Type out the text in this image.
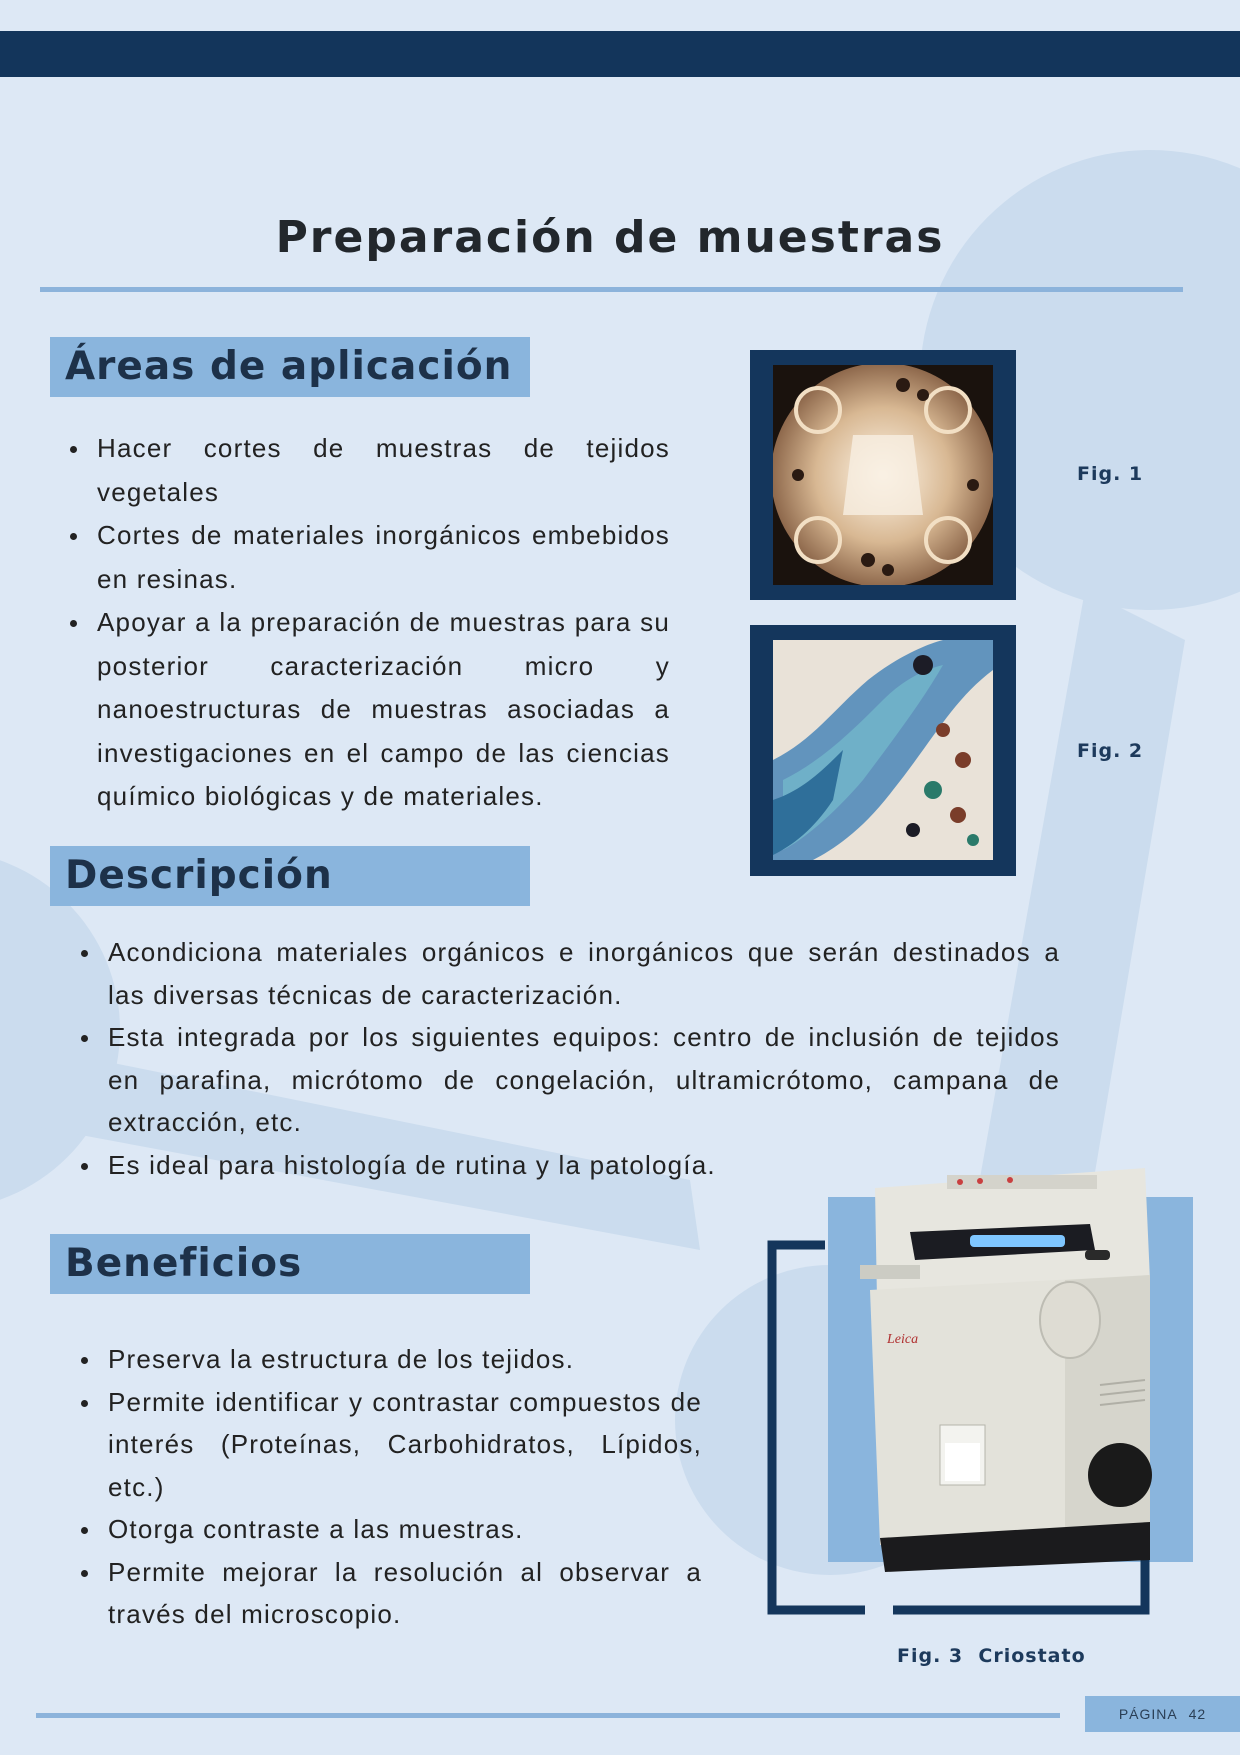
Preparación de muestras
Áreas de aplicación
Hacer cortes de muestras de tejidos vegetales
Cortes de materiales inorgánicos embebidos en resinas.
Apoyar a la preparación de muestras para su posterior caracterización micro y nanoestructuras de muestras asociadas a investigaciones en el campo de las ciencias químico biológicas y de materiales.
Fig. 1
Fig. 2
Descripción
Acondiciona materiales orgánicos e inorgánicos que serán destinados a las diversas técnicas de caracterización.
Esta integrada por los siguientes equipos: centro de inclusión de tejidos en parafina, micrótomo de congelación, ultramicrótomo, campana de extracción, etc.
Es ideal para histología de rutina y la patología.
Beneficios
Preserva la estructura de los tejidos.
Permite identificar y contrastar compuestos de interés (Proteínas, Carbohidratos, Lípidos, etc.)
Otorga contraste a las muestras.
Permite mejorar la resolución al observar a través del microscopio.
Leica
Fig. 3 Criostato
PÁGINA 42
